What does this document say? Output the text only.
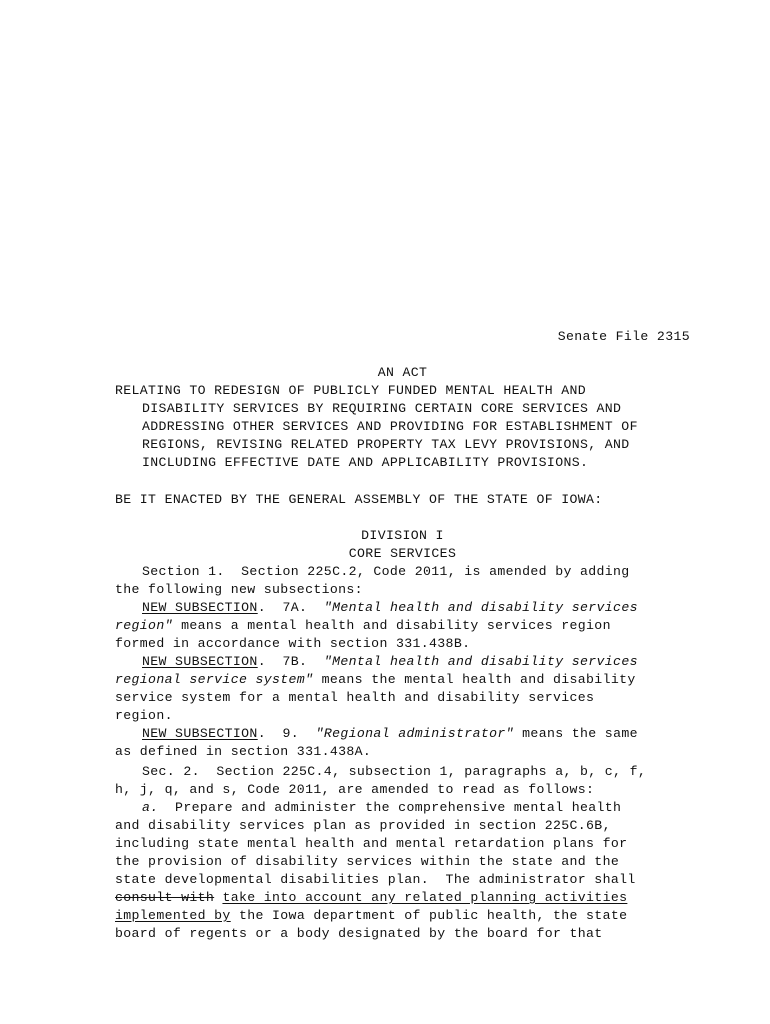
Senate File 2315
AN ACT
RELATING TO REDESIGN OF PUBLICLY FUNDED MENTAL HEALTH AND
DISABILITY SERVICES BY REQUIRING CERTAIN CORE SERVICES AND
ADDRESSING OTHER SERVICES AND PROVIDING FOR ESTABLISHMENT OF
REGIONS, REVISING RELATED PROPERTY TAX LEVY PROVISIONS, AND
INCLUDING EFFECTIVE DATE AND APPLICABILITY PROVISIONS.
BE IT ENACTED BY THE GENERAL ASSEMBLY OF THE STATE OF IOWA:
DIVISION I
CORE SERVICES
Section 1.  Section 225C.2, Code 2011, is amended by adding
the following new subsections:
NEW SUBSECTION.  7A.  "Mental health and disability services
region" means a mental health and disability services region
formed in accordance with section 331.438B.
NEW SUBSECTION.  7B.  "Mental health and disability services
regional service system" means the mental health and disability
service system for a mental health and disability services
region.
NEW SUBSECTION.  9.  "Regional administrator" means the same
as defined in section 331.438A.
Sec. 2.  Section 225C.4, subsection 1, paragraphs a, b, c, f,
h, j, q, and s, Code 2011, are amended to read as follows:
a.  Prepare and administer the comprehensive mental health
and disability services plan as provided in section 225C.6B,
including state mental health and mental retardation plans for
the provision of disability services within the state and the
state developmental disabilities plan.  The administrator shall
consult with take into account any related planning activities
implemented by the Iowa department of public health, the state
board of regents or a body designated by the board for that
